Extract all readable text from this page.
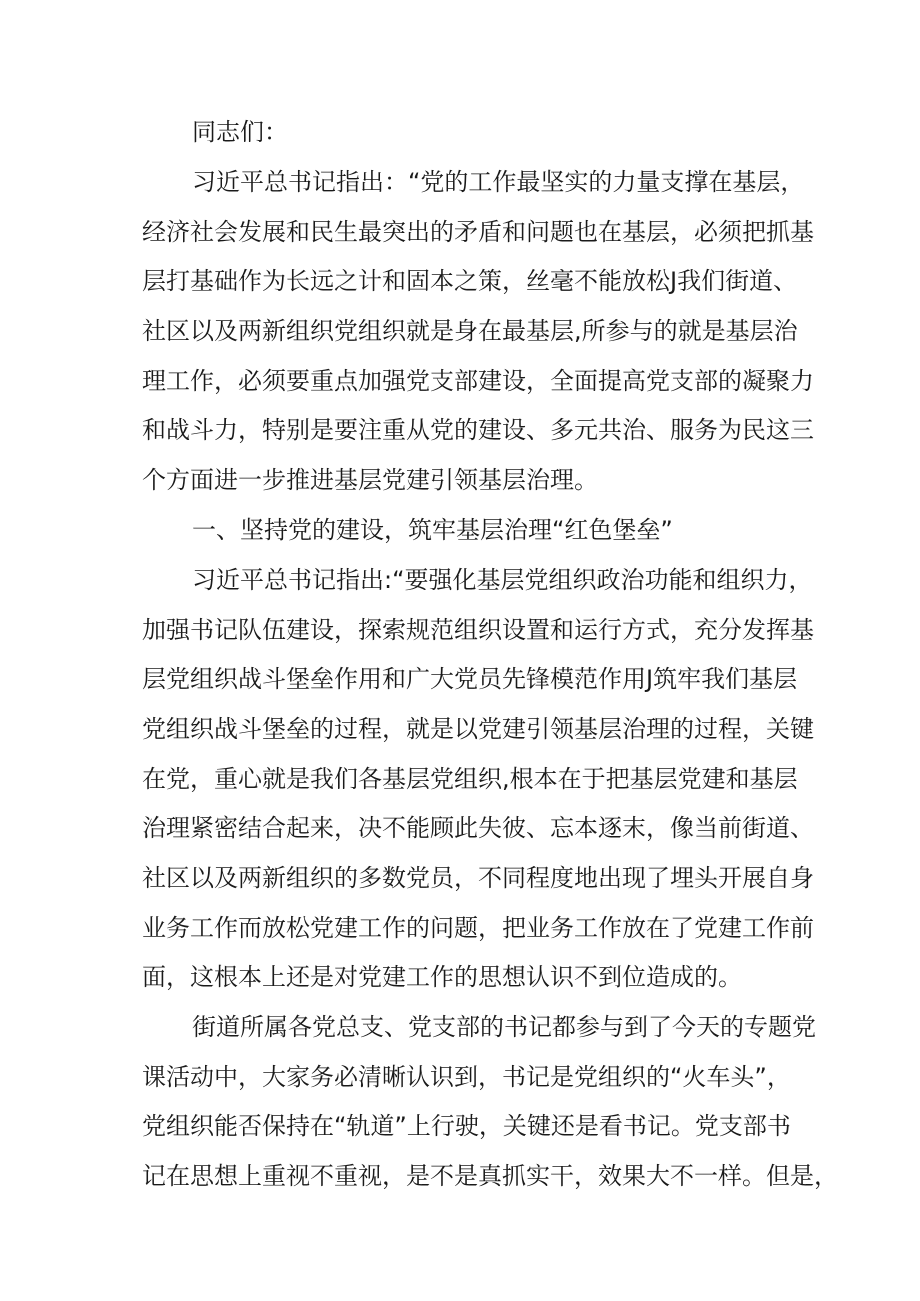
同志们：

习近平总书记指出：“党的工作最坚实的力量支撑在基层，

经济社会发展和民生最突出的矛盾和问题也在基层，必须把抓基

层打基础作为长远之计和固本之策，丝毫不能放松J我们街道、

社区以及两新组织党组织就是身在最基层,所参与的就是基层治

理工作，必须要重点加强党支部建设，全面提高党支部的凝聚力

和战斗力，特别是要注重从党的建设、多元共治、服务为民这三

个方面进一步推进基层党建引领基层治理。

一、坚持党的建设，筑牢基层治理“红色堡垒”

习近平总书记指出:“要强化基层党组织政治功能和组织力，

加强书记队伍建设，探索规范组织设置和运行方式，充分发挥基

层党组织战斗堡垒作用和广大党员先锋模范作用J筑牢我们基层

党组织战斗堡垒的过程，就是以党建引领基层治理的过程，关键

在党，重心就是我们各基层党组织,根本在于把基层党建和基层

治理紧密结合起来，决不能顾此失彼、忘本逐末，像当前街道、

社区以及两新组织的多数党员，不同程度地出现了埋头开展自身

业务工作而放松党建工作的问题，把业务工作放在了党建工作前

面，这根本上还是对党建工作的思想认识不到位造成的。

街道所属各党总支、党支部的书记都参与到了今天的专题党

课活动中，大家务必清晰认识到，书记是党组织的“火车头”，

党组织能否保持在“轨道”上行驶，关键还是看书记。党支部书

记在思想上重视不重视，是不是真抓实干，效果大不一样。但是，
